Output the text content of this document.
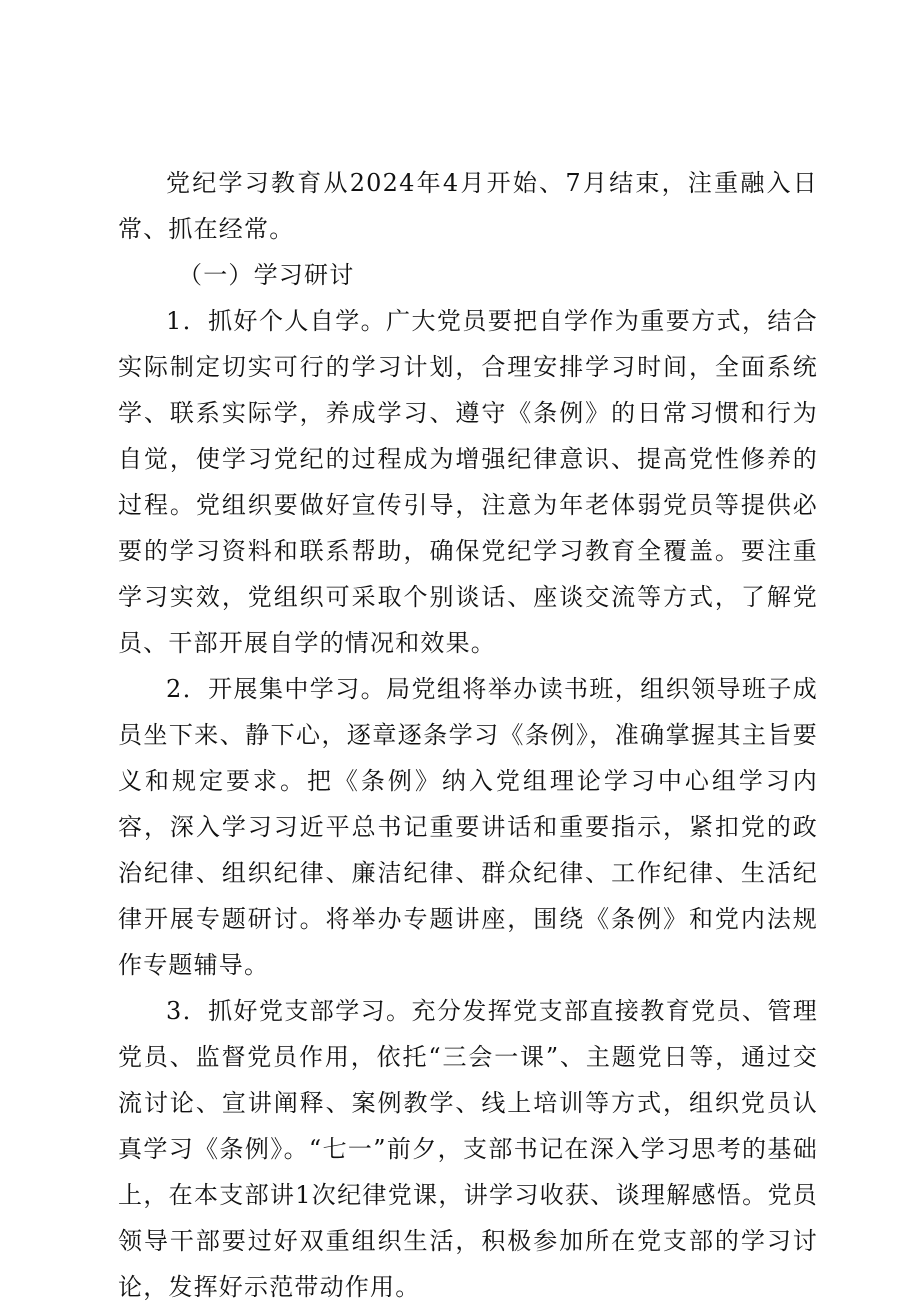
党纪学习教育从2024年4月开始、7月结束，注重融入日常、抓在经常。

（一）学习研讨

1．抓好个人自学。广大党员要把自学作为重要方式，结合实际制定切实可行的学习计划，合理安排学习时间，全面系统学、联系实际学，养成学习、遵守《条例》的日常习惯和行为自觉，使学习党纪的过程成为增强纪律意识、提高党性修养的过程。党组织要做好宣传引导，注意为年老体弱党员等提供必要的学习资料和联系帮助，确保党纪学习教育全覆盖。要注重学习实效，党组织可采取个别谈话、座谈交流等方式，了解党员、干部开展自学的情况和效果。

2．开展集中学习。局党组将举办读书班，组织领导班子成员坐下来、静下心，逐章逐条学习《条例》，准确掌握其主旨要义和规定要求。把《条例》纳入党组理论学习中心组学习内容，深入学习习近平总书记重要讲话和重要指示，紧扣党的政治纪律、组织纪律、廉洁纪律、群众纪律、工作纪律、生活纪律开展专题研讨。将举办专题讲座，围绕《条例》和党内法规作专题辅导。

3．抓好党支部学习。充分发挥党支部直接教育党员、管理党员、监督党员作用，依托“三会一课”、主题党日等，通过交流讨论、宣讲阐释、案例教学、线上培训等方式，组织党员认真学习《条例》。“七一”前夕，支部书记在深入学习思考的基础上，在本支部讲1次纪律党课，讲学习收获、谈理解感悟。党员领导干部要过好双重组织生活，积极参加所在党支部的学习讨论，发挥好示范带动作用。
